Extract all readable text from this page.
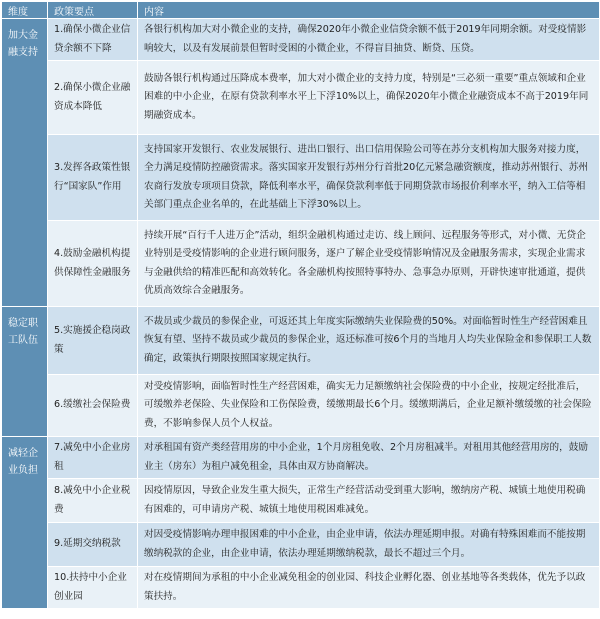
维度	政策要点	内容
加大金融支持	1.确保小微企业信贷余额不下降	各银行机构加大对小微企业的支持，确保2020年小微企业信贷余额不低于2019年同期余额。对受疫情影响较大，以及有发展前景但暂时受困的小微企业，不得盲目抽贷、断贷、压贷。
	2.确保小微企业融资成本降低	鼓励各银行机构通过压降成本费率，加大对小微企业的支持力度，特别是“三必须一重要”重点领域和企业困难的中小企业，在原有贷款利率水平上下浮10%以上，确保2020年小微企业融资成本不高于2019年同期融资成本。
	3.发挥各政策性银行“国家队”作用	支持国家开发银行、农业发展银行、进出口银行、出口信用保险公司等在苏分支机构加大服务对接力度，全力满足疫情防控融资需求。落实国家开发银行苏州分行首批20亿元紧急融资额度，推动苏州银行、苏州农商行发放专项项目贷款，降低利率水平，确保贷款利率低于同期贷款市场报价利率水平，纳入工信等相关部门重点企业名单的，在此基础上下浮30%以上。
	4.鼓励金融机构提供保障性金融服务	持续开展“百行千人进万企”活动，组织金融机构通过走访、线上顾问、远程服务等形式，对小微、无贷企业特别是受疫情影响的企业进行顾问服务，逐户了解企业受疫情影响情况及金融服务需求，实现企业需求与金融供给的精准匹配和高效转化。各金融机构按照特事特办、急事急办原则，开辟快速审批通道，提供优质高效综合金融服务。
稳定职工队伍	5.实施援企稳岗政策	不裁员或少裁员的参保企业，可返还其上年度实际缴纳失业保险费的50%。对面临暂时性生产经营困难且恢复有望、坚持不裁员或少裁员的参保企业，返还标准可按6个月的当地月人均失业保险金和参保职工人数确定，政策执行期限按照国家规定执行。
	6.缓缴社会保险费	对受疫情影响，面临暂时性生产经营困难，确实无力足额缴纳社会保险费的中小企业，按规定经批准后，可缓缴养老保险、失业保险和工伤保险费，缓缴期最长6个月。缓缴期满后，企业足额补缴缓缴的社会保险费，不影响参保人员个人权益。
减轻企业负担	7.减免中小企业房租	对承租国有资产类经营用房的中小企业，1个月房租免收、2个月房租减半。对租用其他经营用房的，鼓励业主（房东）为租户减免租金，具体由双方协商解决。
	8.减免中小企业税费	因疫情原因，导致企业发生重大损失，正常生产经营活动受到重大影响，缴纳房产税、城镇土地使用税确有困难的，可申请房产税、城镇土地使用税困难减免。
	9.延期交纳税款	对因受疫情影响办理申报困难的中小企业，由企业申请，依法办理延期申报。对确有特殊困难而不能按期缴纳税款的企业，由企业申请，依法办理延期缴纳税款，最长不超过三个月。
	10.扶持中小企业创业园	对在疫情期间为承租的中小企业减免租金的创业园、科技企业孵化器、创业基地等各类载体，优先予以政策扶持。
